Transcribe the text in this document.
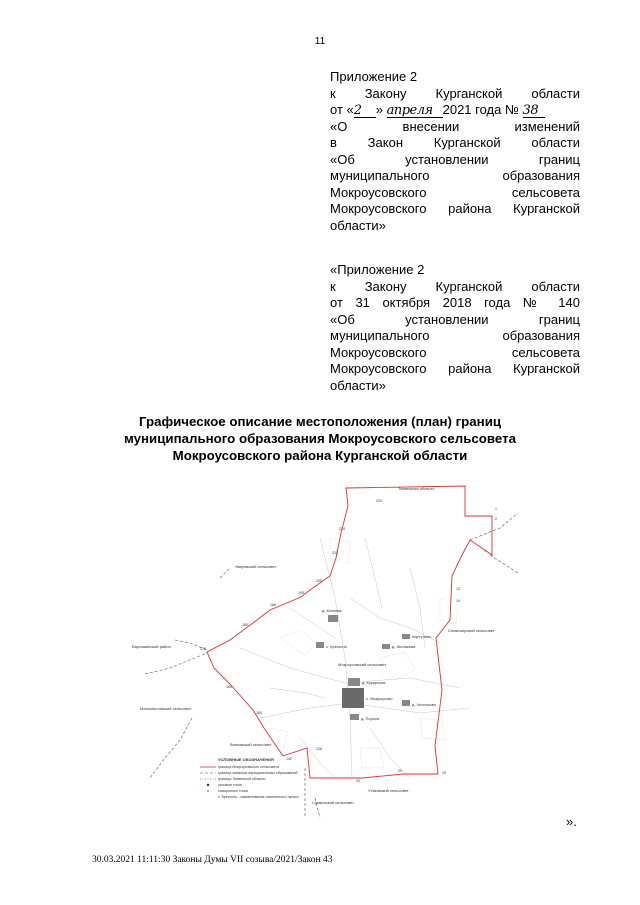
11
Приложение 2
к Закону Курганской области
от «2 » апреля 2021 года № 38
«О внесении изменений
в Закон Курганской области
«Об установлении границ
муниципального образования
Мокроусовского сельсовета
Мокроусовского района Курганской
области»
«Приложение 2
к Закону Курганской области
от 31 октября 2018 года № 140
«Об установлении границ
муниципального образования
Мокроусовского сельсовета
Мокроусовского района Курганской
области»
Графическое описание местоположения (план) границ
муниципального образования Мокроусовского сельсовета
Мокроусовского района Курганской области
Тюменская область
Уваровский сельсовет
Варгашинский район
Маломостовский сельсовет
Семиозерский сельсовет
Вилковский сельсовет
Утяковский сельсовет
Сумкинский сельсовет
д. Кочевье
с. Крепость
Мокроусовский сельсовет
д. Кукарская
с. Мокроусово
д. Пороси
д. Чесноково
Картучино
д. Жилякова
220
1
2
7
13
14
19
29
43
126
142
160
169
176
180
186
195
205
212
214
УСЛОВНЫЕ ОБОЗНАЧЕНИЯ
граница Мокроусовского сельсовета
граница смежных муниципальных образований
граница Тюменской области
узловые точки
поворотные точки
с. Крепость - наименование населенного пункта
».
30.03.2021 11:11:30 Законы Думы VII созыва/2021/Закон 43
